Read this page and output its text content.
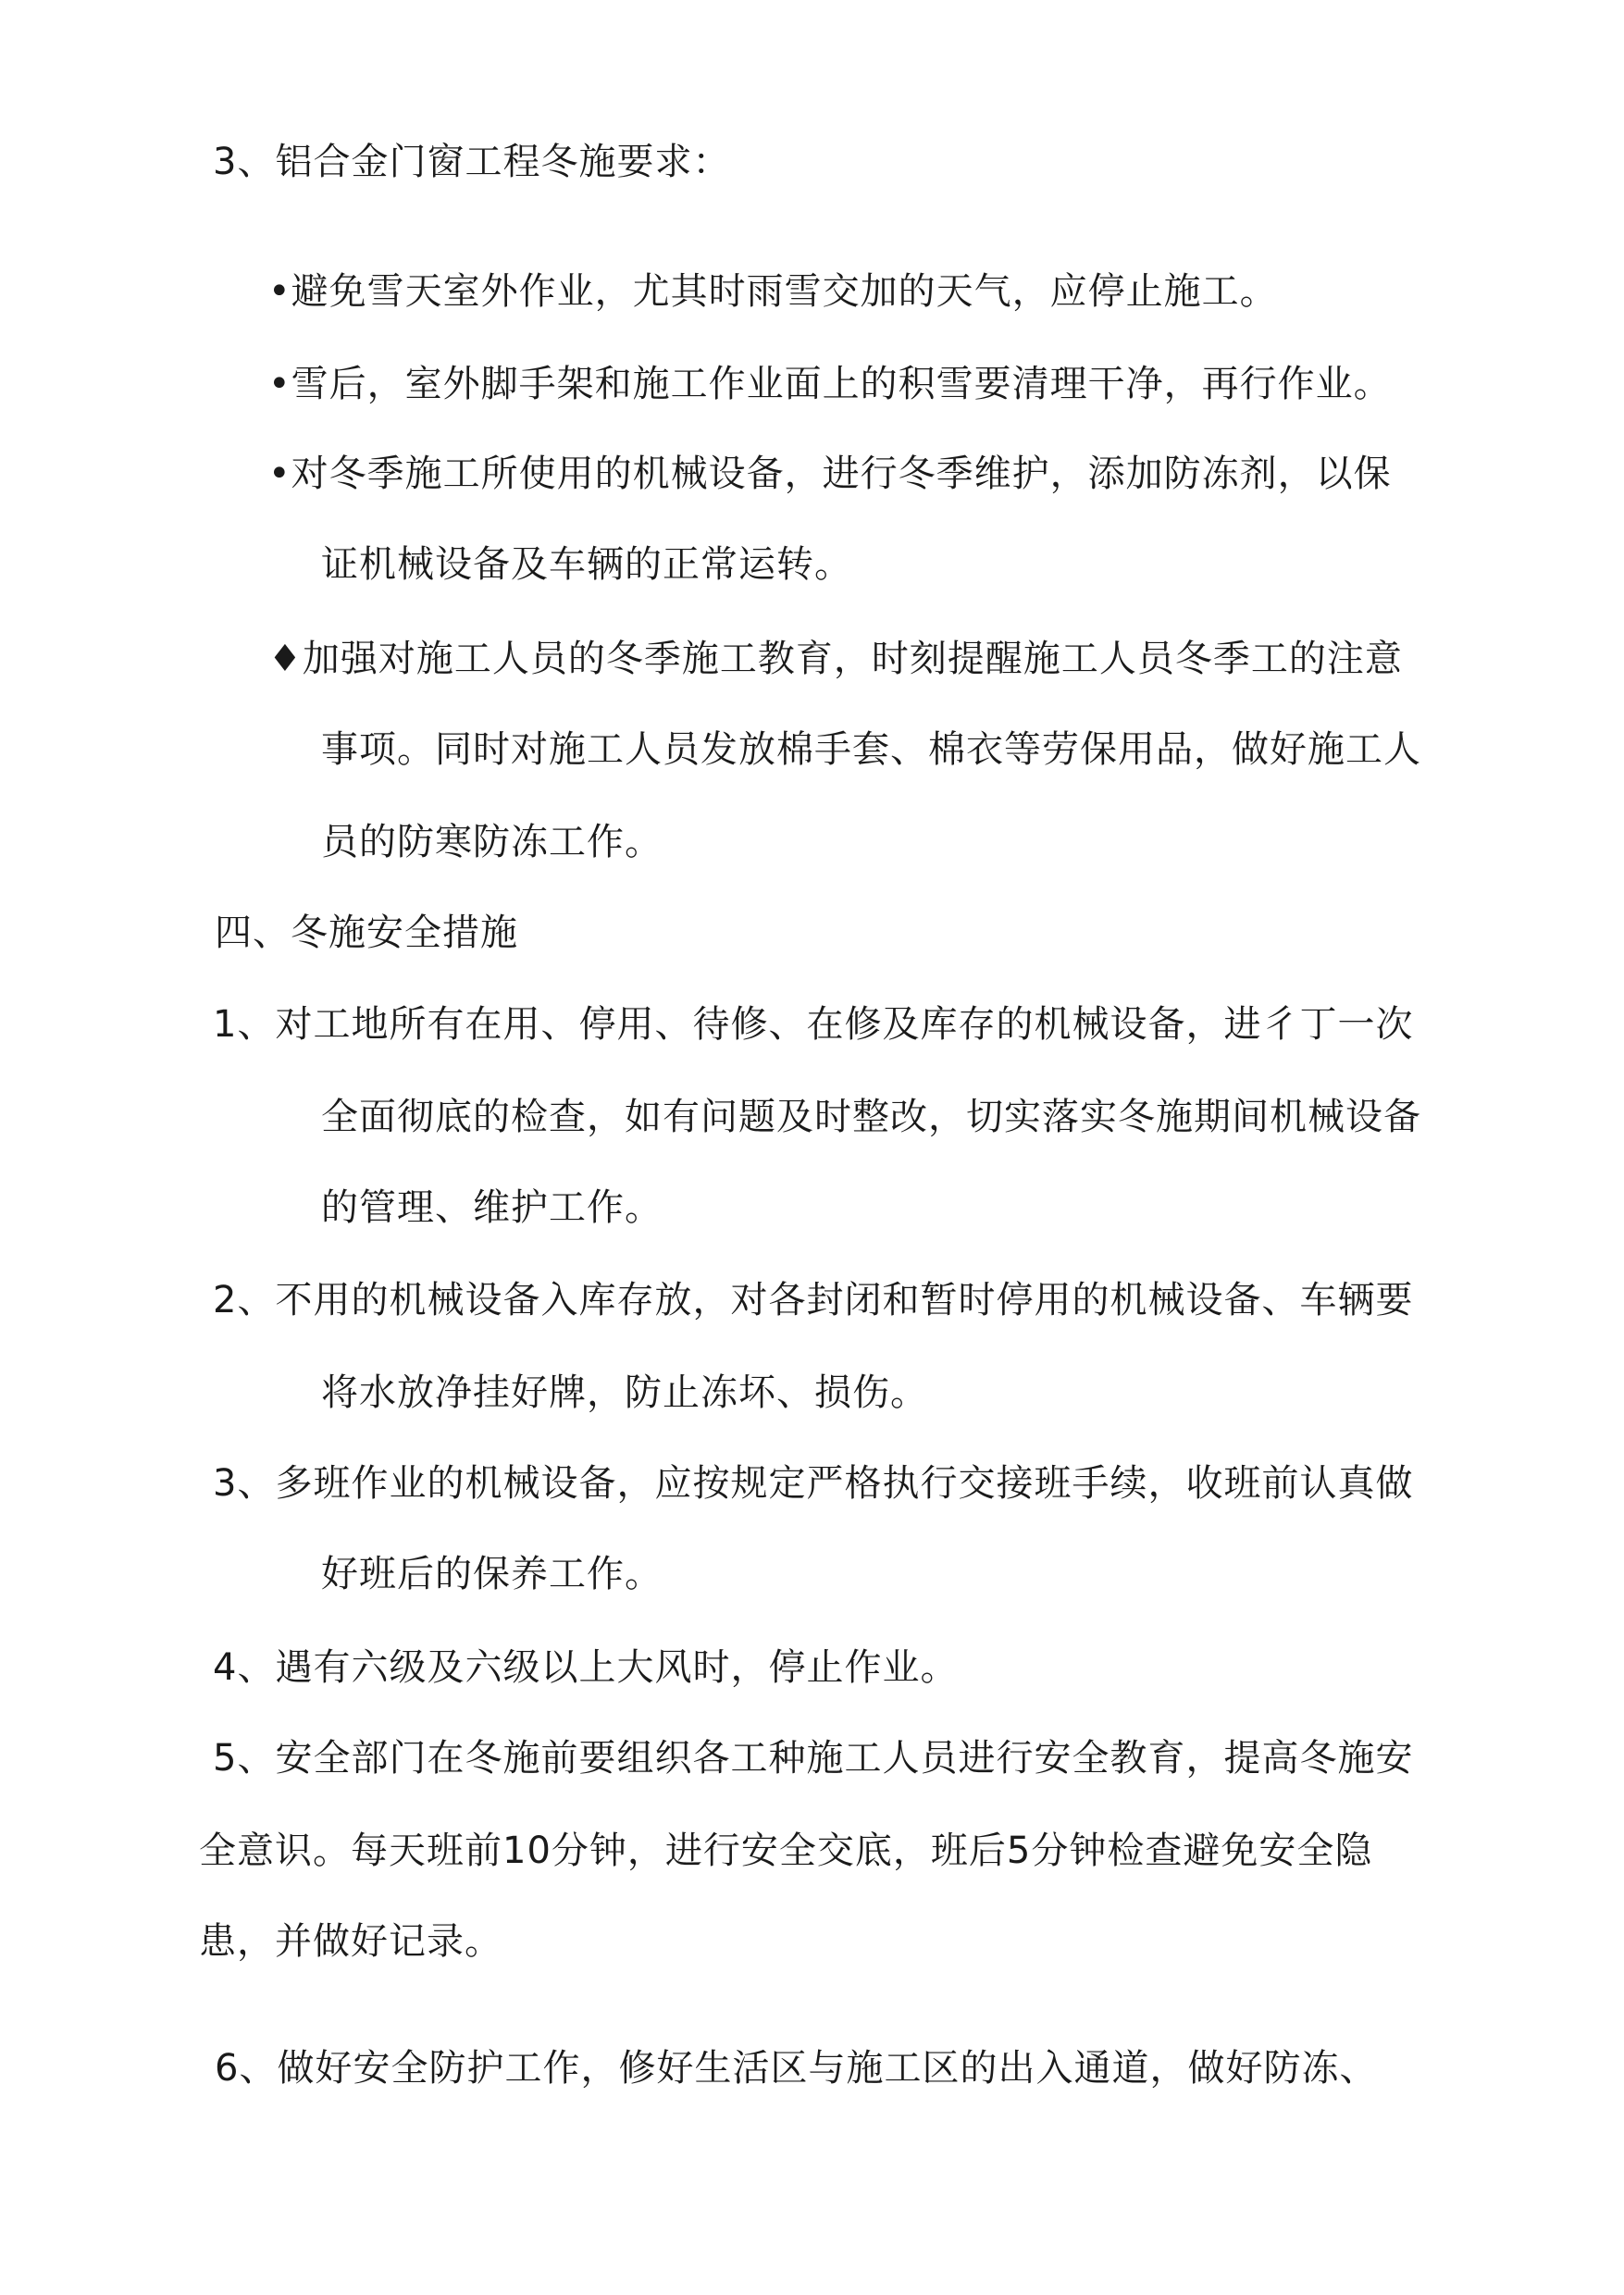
3、铝合金门窗工程冬施要求：
•避免雪天室外作业，尤其时雨雪交加的天气，应停止施工。
•雪后，室外脚手架和施工作业面上的积雪要清理干净，再行作业。
•对冬季施工所使用的机械设备，进行冬季维护，添加防冻剂，以保
证机械设备及车辆的正常运转。
♦加强对施工人员的冬季施工教育，时刻提醒施工人员冬季工的注意
事项。同时对施工人员发放棉手套、棉衣等劳保用品，做好施工人
员的防寒防冻工作。
四、冬施安全措施
1、对工地所有在用、停用、待修、在修及库存的机械设备，进彳丁一次
全面彻底的检查，如有问题及时整改，切实落实冬施期间机械设备
的管理、维护工作。
2、不用的机械设备入库存放，对各封闭和暂时停用的机械设备、车辆要
将水放净挂好牌，防止冻坏、损伤。
3、多班作业的机械设备，应按规定严格执行交接班手续，收班前认真做
好班后的保养工作。
4、遇有六级及六级以上大风时，停止作业。
5、安全部门在冬施前要组织各工种施工人员进行安全教育，提高冬施安
全意识。每天班前10分钟，进行安全交底，班后5分钟检查避免安全隐
患，并做好记录。
6、做好安全防护工作，修好生活区与施工区的出入通道，做好防冻、
